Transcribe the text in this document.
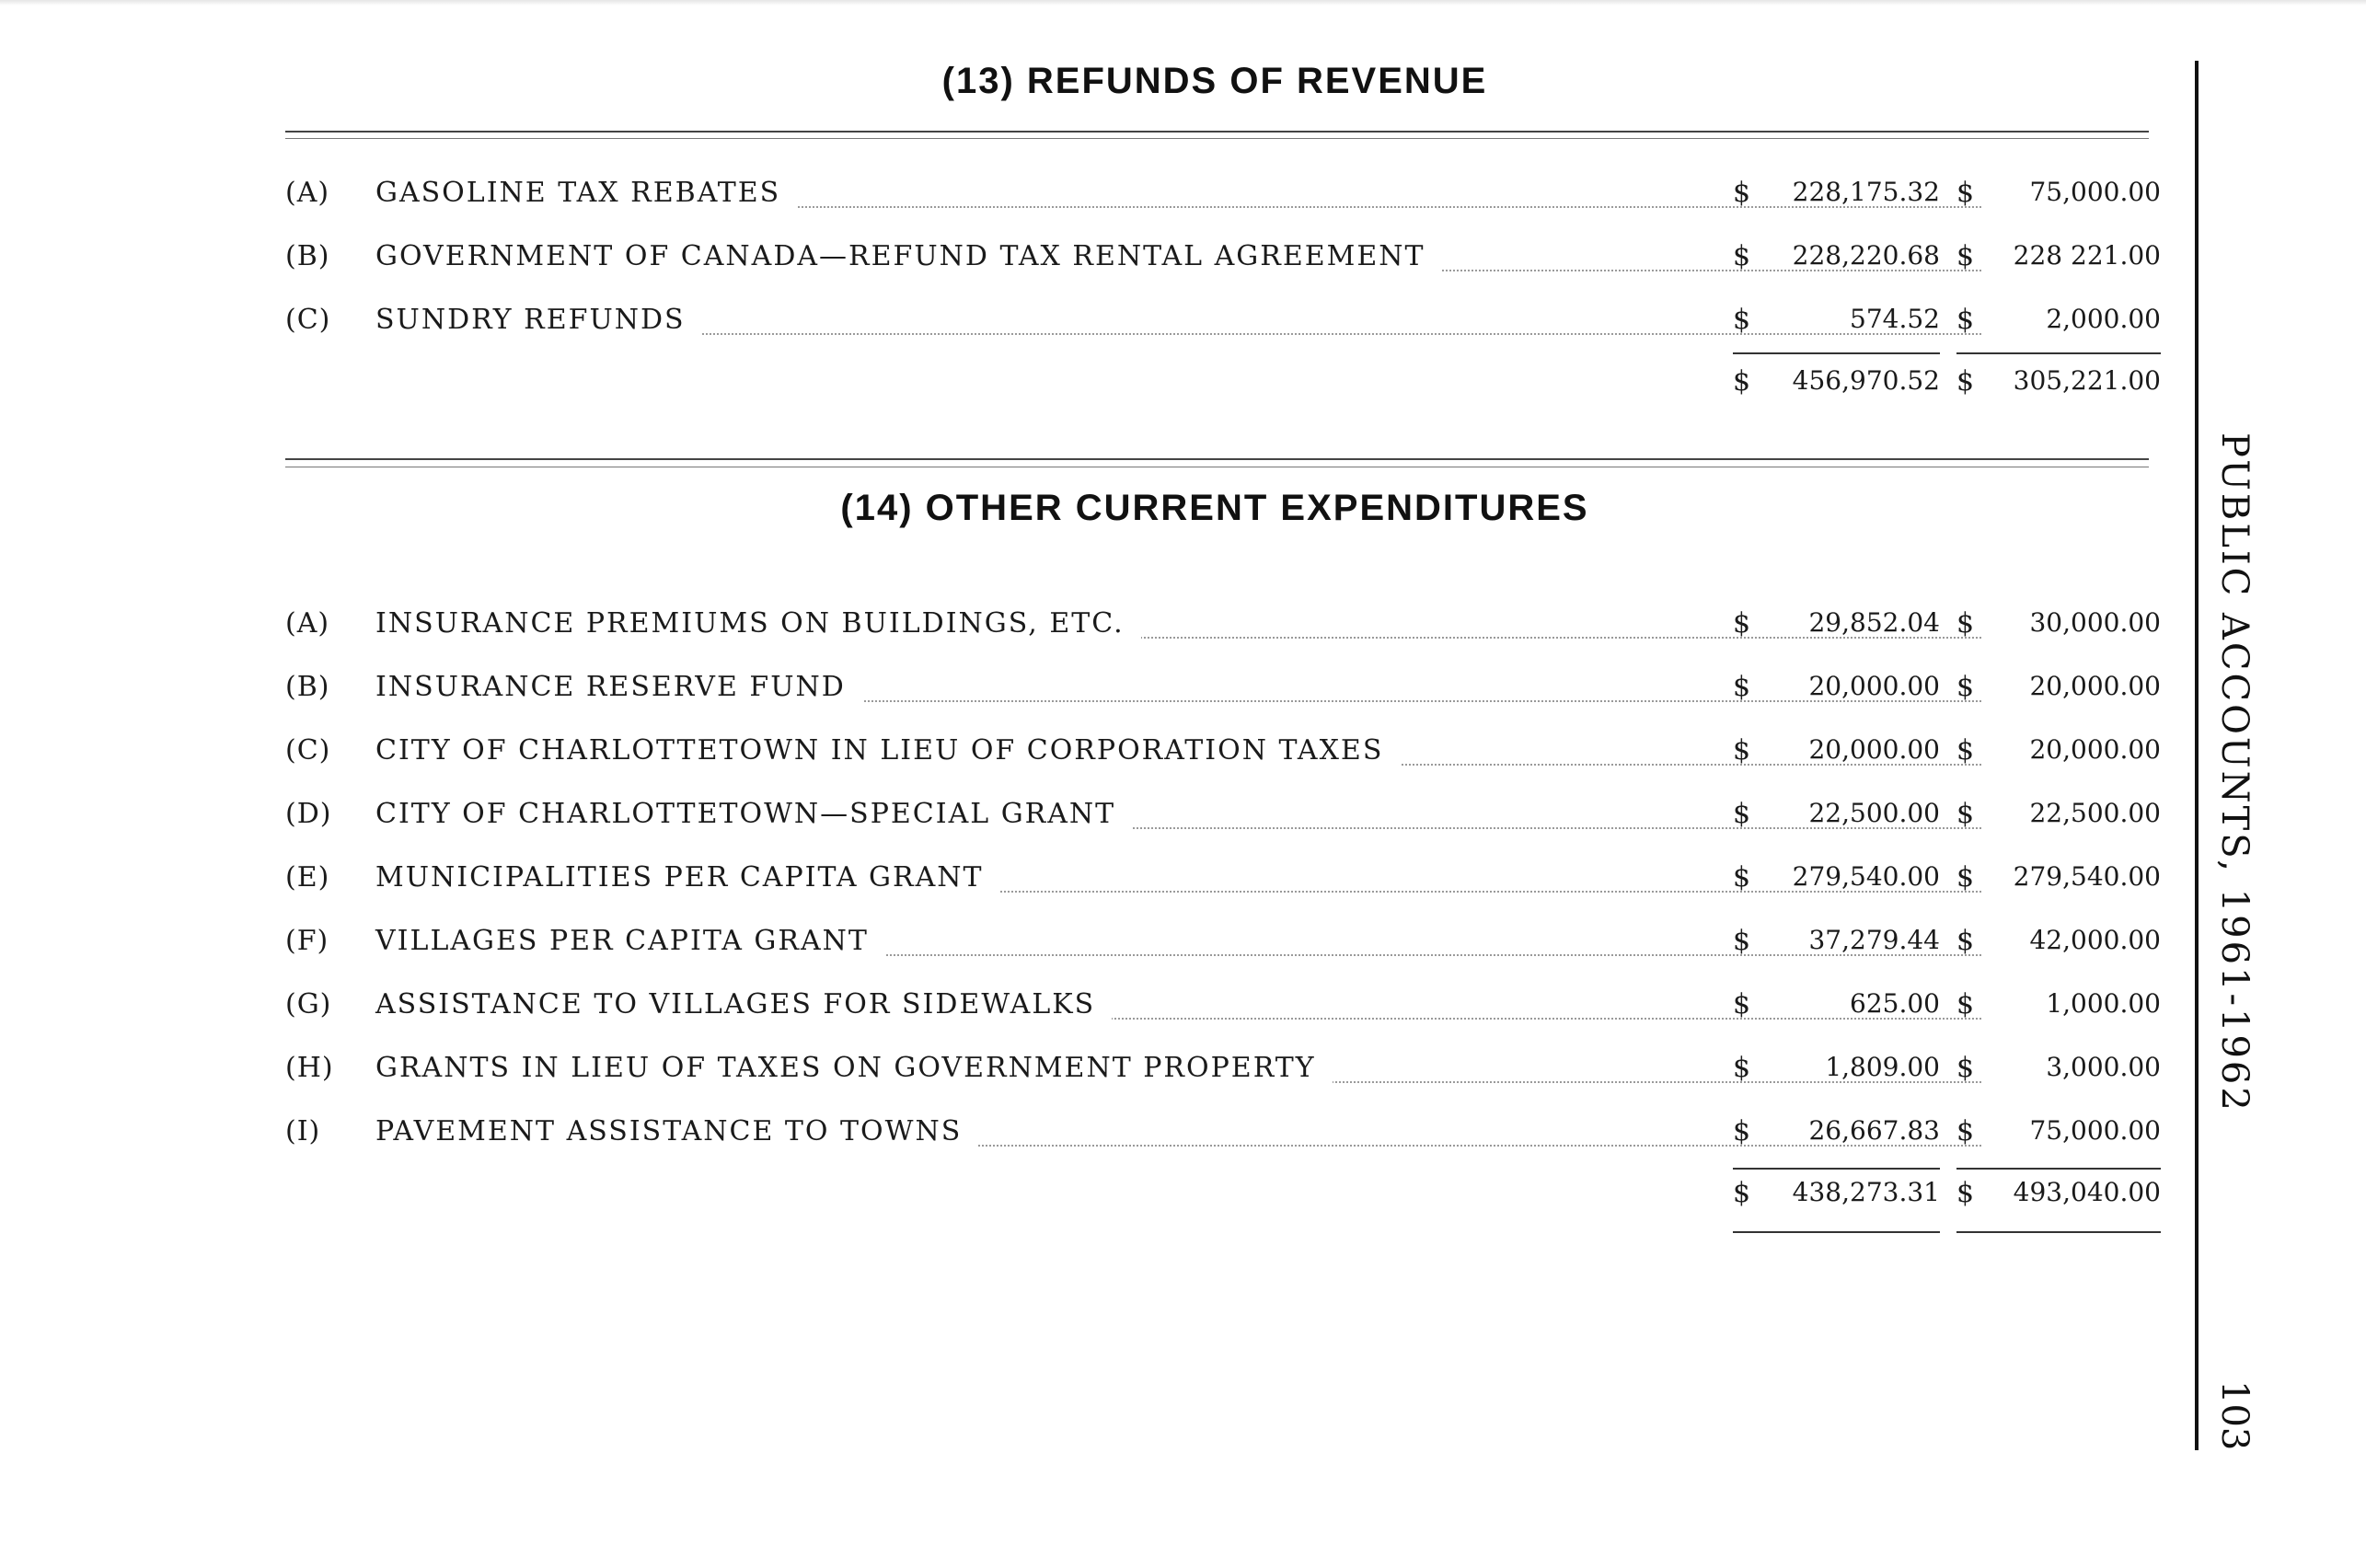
(13) REFUNDS OF REVENUE
(A)	GASOLINE TAX REBATES	$	228,175.32 $	75,000.00
(B)	GOVERNMENT OF CANADA—REFUND TAX RENTAL AGREEMENT	$	228,220.68 $	228 221.00
(C)	SUNDRY REFUNDS	$	574.52 $	2,000.00
$	456,970.52 $	305,221.00
(14) OTHER CURRENT EXPENDITURES
(A)	INSURANCE PREMIUMS ON BUILDINGS, ETC.	$	29,852.04 $	30,000.00
(B)	INSURANCE RESERVE FUND	$	20,000.00 $	20,000.00
(C)	CITY OF CHARLOTTETOWN IN LIEU OF CORPORATION TAXES	$	20,000.00 $	20,000.00
(D)	CITY OF CHARLOTTETOWN—SPECIAL GRANT	$	22,500.00 $	22,500.00
(E)	MUNICIPALITIES PER CAPITA GRANT	$	279,540.00 $	279,540.00
(F)	VILLAGES PER CAPITA GRANT	$	37,279.44 $	42,000.00
(G)	ASSISTANCE TO VILLAGES FOR SIDEWALKS	$	625.00 $	1,000.00
(H)	GRANTS IN LIEU OF TAXES ON GOVERNMENT PROPERTY	$	1,809.00 $	3,000.00
(I)	PAVEMENT ASSISTANCE TO TOWNS	$	26,667.83 $	75,000.00
$	438,273.31 $	493,040.00
PUBLIC ACCOUNTS, 1961-1962
103
